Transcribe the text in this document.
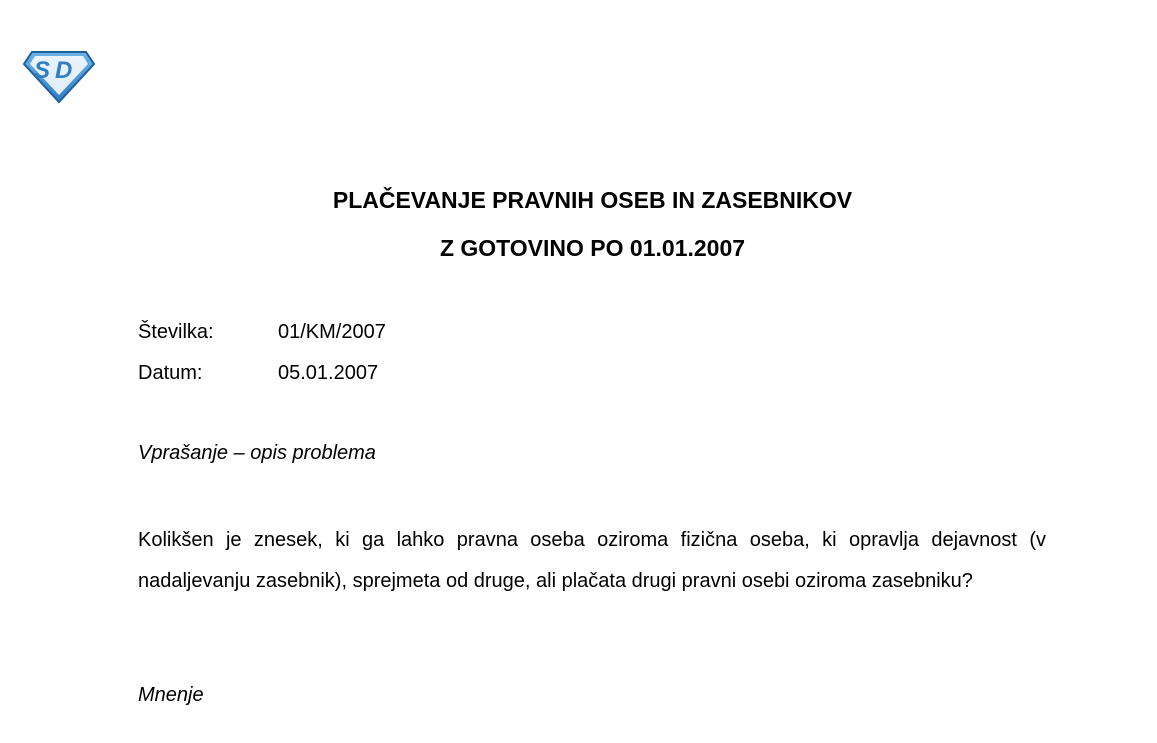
S D
PLAČEVANJE PRAVNIH OSEB IN ZASEBNIKOV
Z GOTOVINO PO 01.01.2007
Številka:	01/KM/2007
Datum:	05.01.2007
Vprašanje – opis problema

Kolikšen je znesek, ki ga lahko pravna oseba oziroma fizična oseba, ki opravlja dejavnost (v nadaljevanju zasebnik), sprejmeta od druge, ali plačata drugi pravni osebi oziroma zasebniku?

Mnenje
